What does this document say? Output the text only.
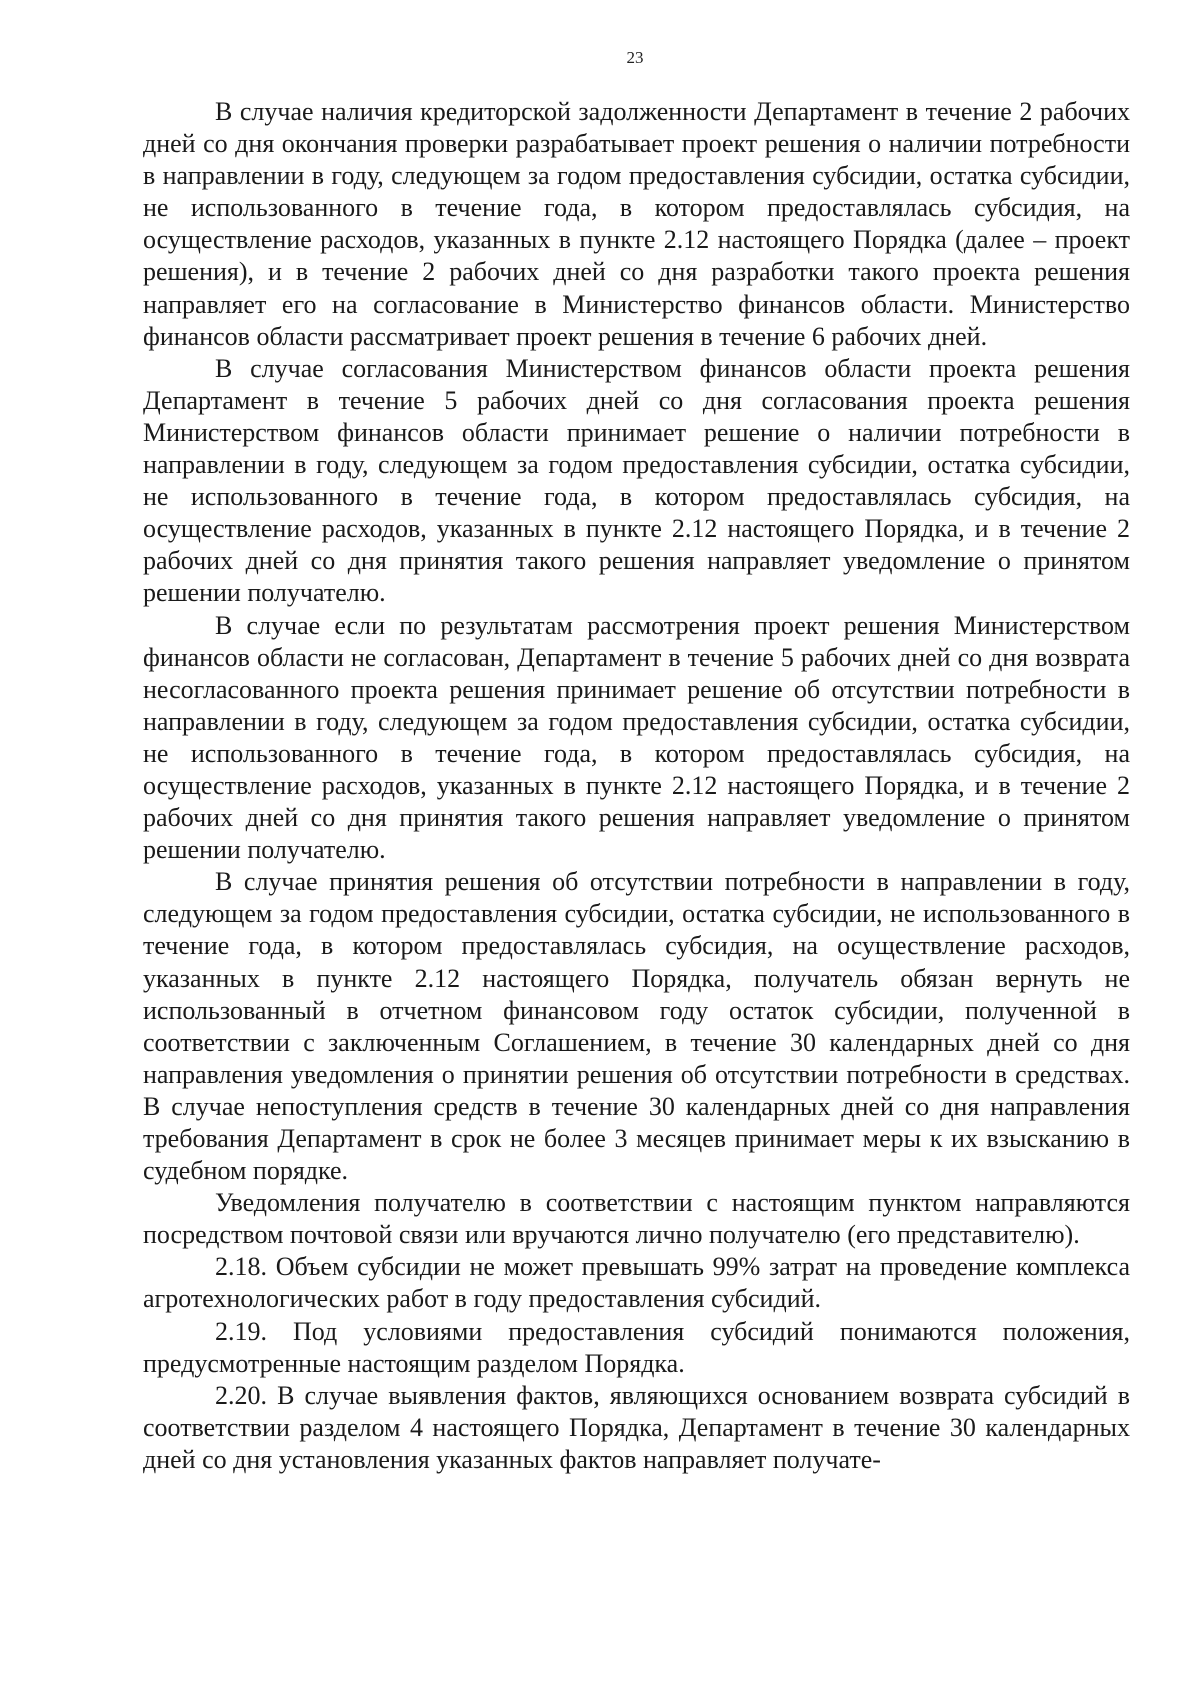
23

В случае наличия кредиторской задолженности Департамент в течение 2 рабочих дней со дня окончания проверки разрабатывает проект решения о наличии потребности в направлении в году, следующем за годом предоставления субсидии, остатка субсидии, не использованного в течение года, в котором предоставлялась субсидия, на осуществление расходов, указанных в пункте 2.12 настоящего Порядка (далее – проект решения), и в течение 2 рабочих дней со дня разработки такого проекта решения направляет его на согласование в Министерство финансов области. Министерство финансов области рассматривает проект решения в течение 6 рабочих дней.

В случае согласования Министерством финансов области проекта решения Департамент в течение 5 рабочих дней со дня согласования проекта решения Министерством финансов области принимает решение о наличии потребности в направлении в году, следующем за годом предоставления субсидии, остатка субсидии, не использованного в течение года, в котором предоставлялась субсидия, на осуществление расходов, указанных в пункте 2.12 настоящего Порядка, и в течение 2 рабочих дней со дня принятия такого решения направляет уведомление о принятом решении получателю.

В случае если по результатам рассмотрения проект решения Министерством финансов области не согласован, Департамент в течение 5 рабочих дней со дня возврата несогласованного проекта решения принимает решение об отсутствии потребности в направлении в году, следующем за годом предоставления субсидии, остатка субсидии, не использованного в течение года, в котором предоставлялась субсидия, на осуществление расходов, указанных в пункте 2.12 настоящего Порядка, и в течение 2 рабочих дней со дня принятия такого решения направляет уведомление о принятом решении получателю.

В случае принятия решения об отсутствии потребности в направлении в году, следующем за годом предоставления субсидии, остатка субсидии, не использованного в течение года, в котором предоставлялась субсидия, на осуществление расходов, указанных в пункте 2.12 настоящего Порядка, получатель обязан вернуть не использованный в отчетном финансовом году остаток субсидии, полученной в соответствии с заключенным Соглашением, в течение 30 календарных дней со дня направления уведомления о принятии решения об отсутствии потребности в средствах. В случае непоступления средств в течение 30 календарных дней со дня направления требования Департамент в срок не более 3 месяцев принимает меры к их взысканию в судебном порядке.

Уведомления получателю в соответствии с настоящим пунктом направляются посредством почтовой связи или вручаются лично получателю (его представителю).

2.18. Объем субсидии не может превышать 99% затрат на проведение комплекса агротехнологических работ в году предоставления субсидий.

2.19. Под условиями предоставления субсидий понимаются положения, предусмотренные настоящим разделом Порядка.

2.20. В случае выявления фактов, являющихся основанием возврата субсидий в соответствии разделом 4 настоящего Порядка, Департамент в течение 30 календарных дней со дня установления указанных фактов направляет получате-
